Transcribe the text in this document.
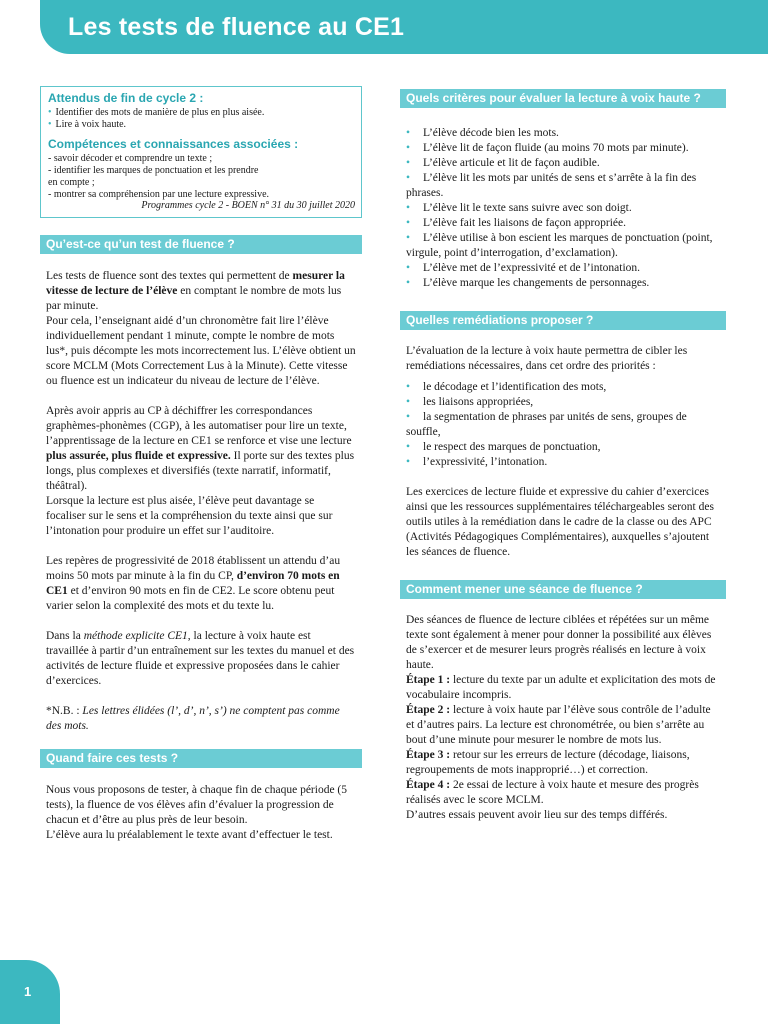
Les tests de fluence au CE1
Attendus de fin de cycle 2 :
• Identifier des mots de manière de plus en plus aisée.
• Lire à voix haute.
Compétences et connaissances associées :

- savoir décoder et comprendre un texte ;
- identifier les marques de ponctuation et les prendre
en compte ;
- montrer sa compréhension par une lecture expressive.

Programmes cycle 2 - BOEN n° 31 du 30 juillet 2020
Qu’est-ce qu’un test de fluence ?

Les tests de fluence sont des textes qui permettent de mesurer la vitesse de lecture de l’élève en comptant le nombre de mots lus par minute.
Pour cela, l’enseignant aidé d’un chronomètre fait lire l’élève individuellement pendant 1 minute, compte le nombre de mots lus*, puis décompte les mots incorrectement lus. L’élève obtient un score MCLM (Mots Correctement Lus à la Minute). Cette vitesse ou fluence est un indicateur du niveau de lecture de l’élève.

Après avoir appris au CP à déchiffrer les correspondances graphèmes-phonèmes (CGP), à les automatiser pour lire un texte, l’apprentissage de la lecture en CE1 se renforce et vise une lecture plus assurée, plus fluide et expressive. Il porte sur des textes plus longs, plus complexes et diversifiés (texte narratif, informatif, théâtral).
Lorsque la lecture est plus aisée, l’élève peut davantage se focaliser sur le sens et la compréhension du texte ainsi que sur l’intonation pour produire un effet sur l’auditoire.

Les repères de progressivité de 2018 établissent un attendu d’au moins 50 mots par minute à la fin du CP, d’environ 70 mots en CE1 et d’environ 90 mots en fin de CE2. Le score obtenu peut varier selon la complexité des mots et du texte lu.

Dans la méthode explicite CE1, la lecture à voix haute est travaillée à partir d’un entraînement sur les textes du manuel et des activités de lecture fluide et expressive proposées dans le cahier d’exercices.

*N.B. : Les lettres élidées (l’, d’, n’, s’) ne comptent pas comme des mots.

Quand faire ces tests ?

Nous vous proposons de tester, à chaque fin de chaque période (5 tests), la fluence de vos élèves afin d’évaluer la progression de chacun et d’être au plus près de leur besoin.
L’élève aura lu préalablement le texte avant d’effectuer le test.

Quels critères pour évaluer la lecture à voix haute ?
• L’élève décode bien les mots.
• L’élève lit de façon fluide (au moins 70 mots par minute).
• L’élève articule et lit de façon audible.
• L’élève lit les mots par unités de sens et s’arrête à la fin des phrases.
• L’élève lit le texte sans suivre avec son doigt.
• L’élève fait les liaisons de façon appropriée.
• L’élève utilise à bon escient les marques de ponctuation (point, virgule, point d’interrogation, d’exclamation).
• L’élève met de l’expressivité et de l’intonation.
• L’élève marque les changements de personnages.
Quelles remédiations proposer ?

L’évaluation de la lecture à voix haute permettra de cibler les remédiations nécessaires, dans cet ordre des priorités :

• le décodage et l’identification des mots,
• les liaisons appropriées,
• la segmentation de phrases par unités de sens, groupes de souffle,
• le respect des marques de ponctuation,
• l’expressivité, l’intonation.

Les exercices de lecture fluide et expressive du cahier d’exercices ainsi que les ressources supplémentaires téléchargeables seront des outils utiles à la remédiation dans le cadre de la classe ou des APC (Activités Pédagogiques Complémentaires), auxquelles s’ajoutent les séances de fluence.

Comment mener une séance de fluence ?

Des séances de fluence de lecture ciblées et répétées sur un même texte sont également à mener pour donner la possibilité aux élèves de s’exercer et de mesurer leurs progrès réalisés en lecture à voix haute.
Étape 1 : lecture du texte par un adulte et explicitation des mots de vocabulaire incompris.
Étape 2 : lecture à voix haute par l’élève sous contrôle de l’adulte et d’autres pairs. La lecture est chronométrée, ou bien s’arrête au bout d’une minute pour mesurer le nombre de mots lus.
Étape 3 : retour sur les erreurs de lecture (décodage, liaisons, regroupements de mots inapproprié…) et correction.
Étape 4 : 2e essai de lecture à voix haute et mesure des progrès réalisés avec le score MCLM.
D’autres essais peuvent avoir lieu sur des temps différés.

1
